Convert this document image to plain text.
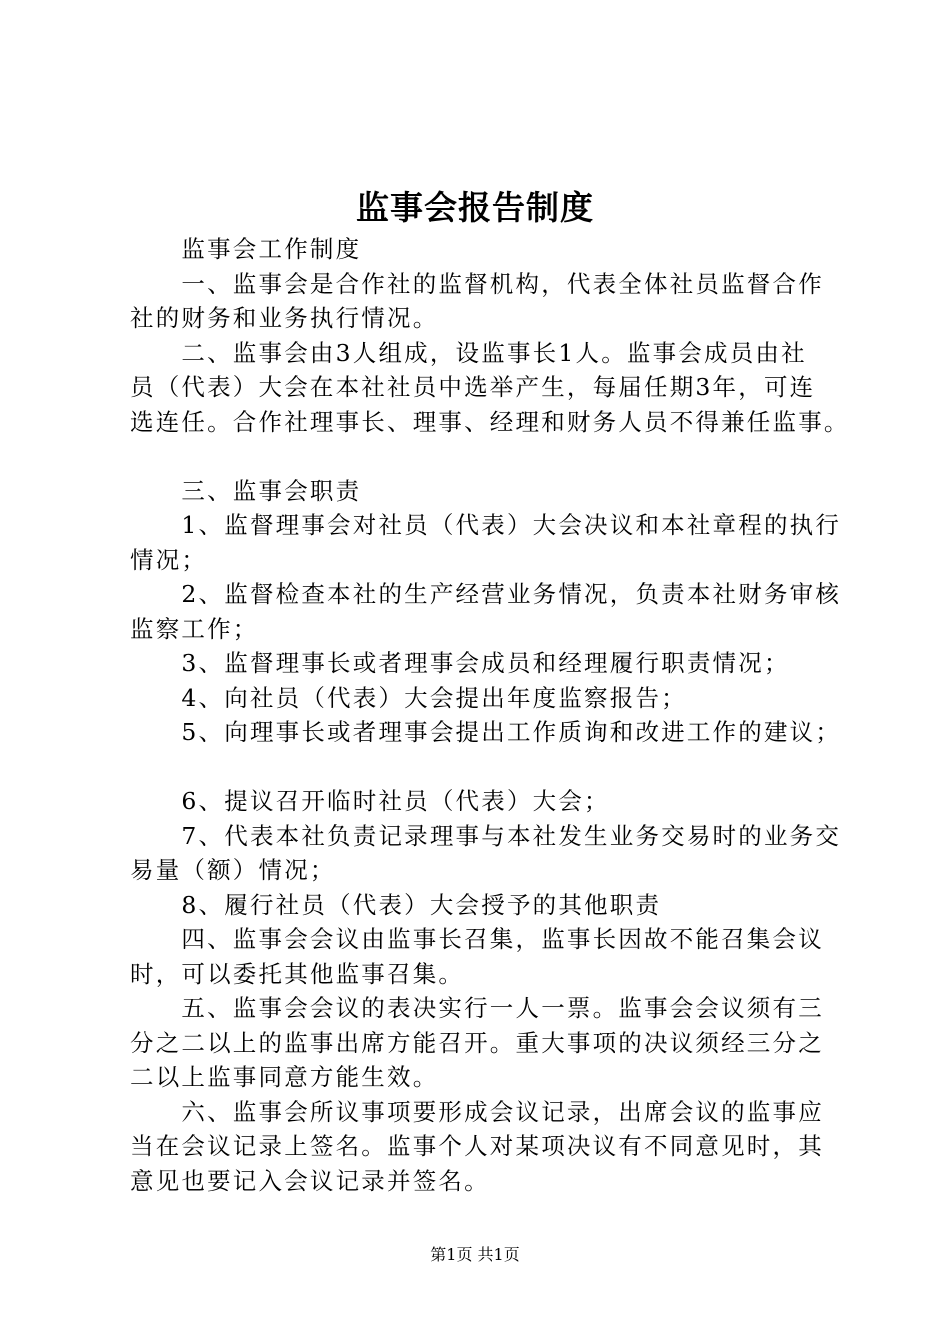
监事会报告制度

　　监事会工作制度

　　一、监事会是合作社的监督机构，代表全体社员监督合作

社的财务和业务执行情况。

　　二、监事会由3人组成，设监事长1人。监事会成员由社

员（代表）大会在本社社员中选举产生，每届任期3年，可连

选连任。合作社理事长、理事、经理和财务人员不得兼任监事。

　　三、监事会职责

　　1、监督理事会对社员（代表）大会决议和本社章程的执行

情况；

　　2、监督检查本社的生产经营业务情况，负责本社财务审核

监察工作；

　　3、监督理事长或者理事会成员和经理履行职责情况；

　　4、向社员（代表）大会提出年度监察报告；

　　5、向理事长或者理事会提出工作质询和改进工作的建议；

　　6、提议召开临时社员（代表）大会；

　　7、代表本社负责记录理事与本社发生业务交易时的业务交

易量（额）情况；

　　8、履行社员（代表）大会授予的其他职责

　　四、监事会会议由监事长召集，监事长因故不能召集会议

时，可以委托其他监事召集。

　　五、监事会会议的表决实行一人一票。监事会会议须有三

分之二以上的监事出席方能召开。重大事项的决议须经三分之

二以上监事同意方能生效。

　　六、监事会所议事项要形成会议记录，出席会议的监事应

当在会议记录上签名。监事个人对某项决议有不同意见时，其

意见也要记入会议记录并签名。

第1页 共1页
